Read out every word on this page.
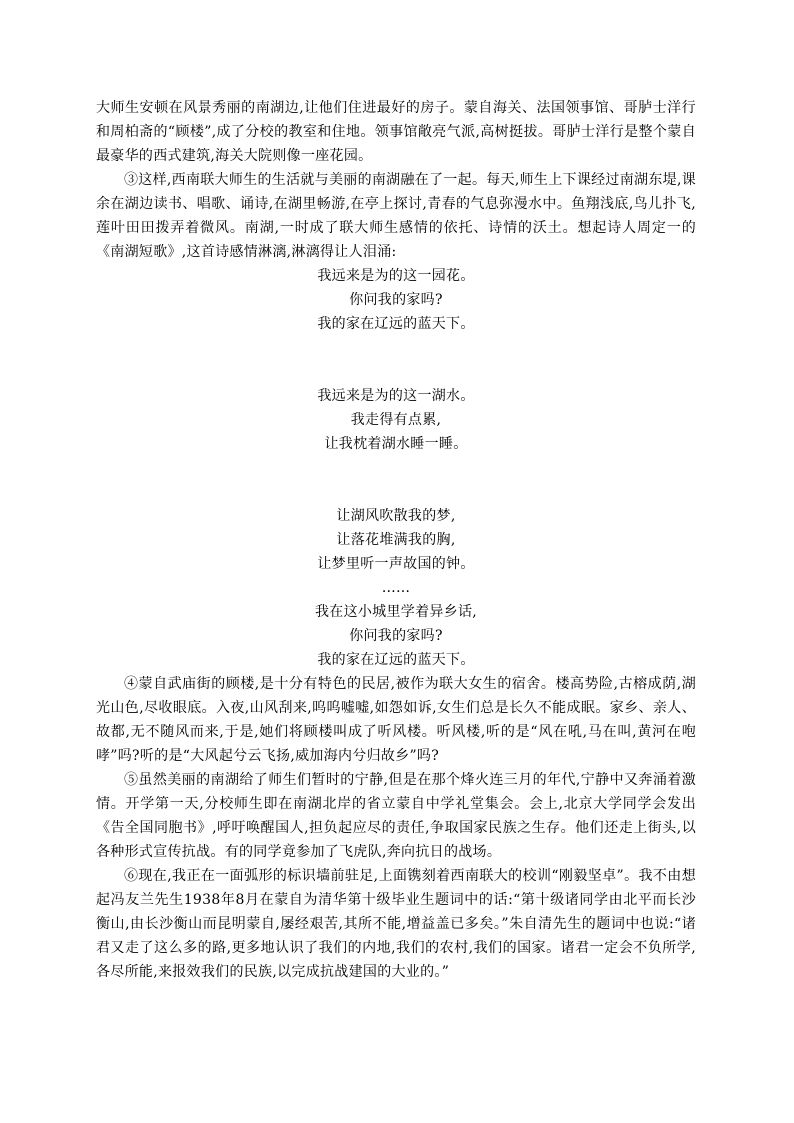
大师生安顿在风景秀丽的南湖边,让他们住进最好的房子。蒙自海关、法国领事馆、哥胪士洋行和周柏斋的“顾楼”,成了分校的教室和住地。领事馆敞亮气派,高树挺拔。哥胪士洋行是整个蒙自最豪华的西式建筑,海关大院则像一座花园。

③这样,西南联大师生的生活就与美丽的南湖融在了一起。每天,师生上下课经过南湖东堤,课余在湖边读书、唱歌、诵诗,在湖里畅游,在亭上探讨,青春的气息弥漫水中。鱼翔浅底,鸟儿扑飞,莲叶田田拨弄着微风。南湖,一时成了联大师生感情的依托、诗情的沃土。想起诗人周定一的《南湖短歌》,这首诗感情淋漓,淋漓得让人泪涌:

我远来是为的这一园花。

你问我的家吗?

我的家在辽远的蓝天下。

我远来是为的这一湖水。

我走得有点累,

让我枕着湖水睡一睡。

让湖风吹散我的梦,

让落花堆满我的胸,

让梦里听一声故国的钟。

……

我在这小城里学着异乡话,

你问我的家吗?

我的家在辽远的蓝天下。

④蒙自武庙街的顾楼,是十分有特色的民居,被作为联大女生的宿舍。楼高势险,古榕成荫,湖光山色,尽收眼底。入夜,山风刮来,呜呜嘘嘘,如怨如诉,女生们总是长久不能成眠。家乡、亲人、故都,无不随风而来,于是,她们将顾楼叫成了听风楼。听风楼,听的是“风在吼,马在叫,黄河在咆哮”吗?听的是“大风起兮云飞扬,威加海内兮归故乡”吗?

⑤虽然美丽的南湖给了师生们暂时的宁静,但是在那个烽火连三月的年代,宁静中又奔涌着激情。开学第一天,分校师生即在南湖北岸的省立蒙自中学礼堂集会。会上,北京大学同学会发出《告全国同胞书》,呼吁唤醒国人,担负起应尽的责任,争取国家民族之生存。他们还走上街头,以各种形式宣传抗战。有的同学竟参加了飞虎队,奔向抗日的战场。

⑥现在,我正在一面弧形的标识墙前驻足,上面镌刻着西南联大的校训“刚毅坚卓”。我不由想起冯友兰先生1938年8月在蒙自为清华第十级毕业生题词中的话:“第十级诸同学由北平而长沙衡山,由长沙衡山而昆明蒙自,屡经艰苦,其所不能,增益盖已多矣。”朱自清先生的题词中也说:“诸君又走了这么多的路,更多地认识了我们的内地,我们的农村,我们的国家。诸君一定会不负所学,各尽所能,来报效我们的民族,以完成抗战建国的大业的。”
